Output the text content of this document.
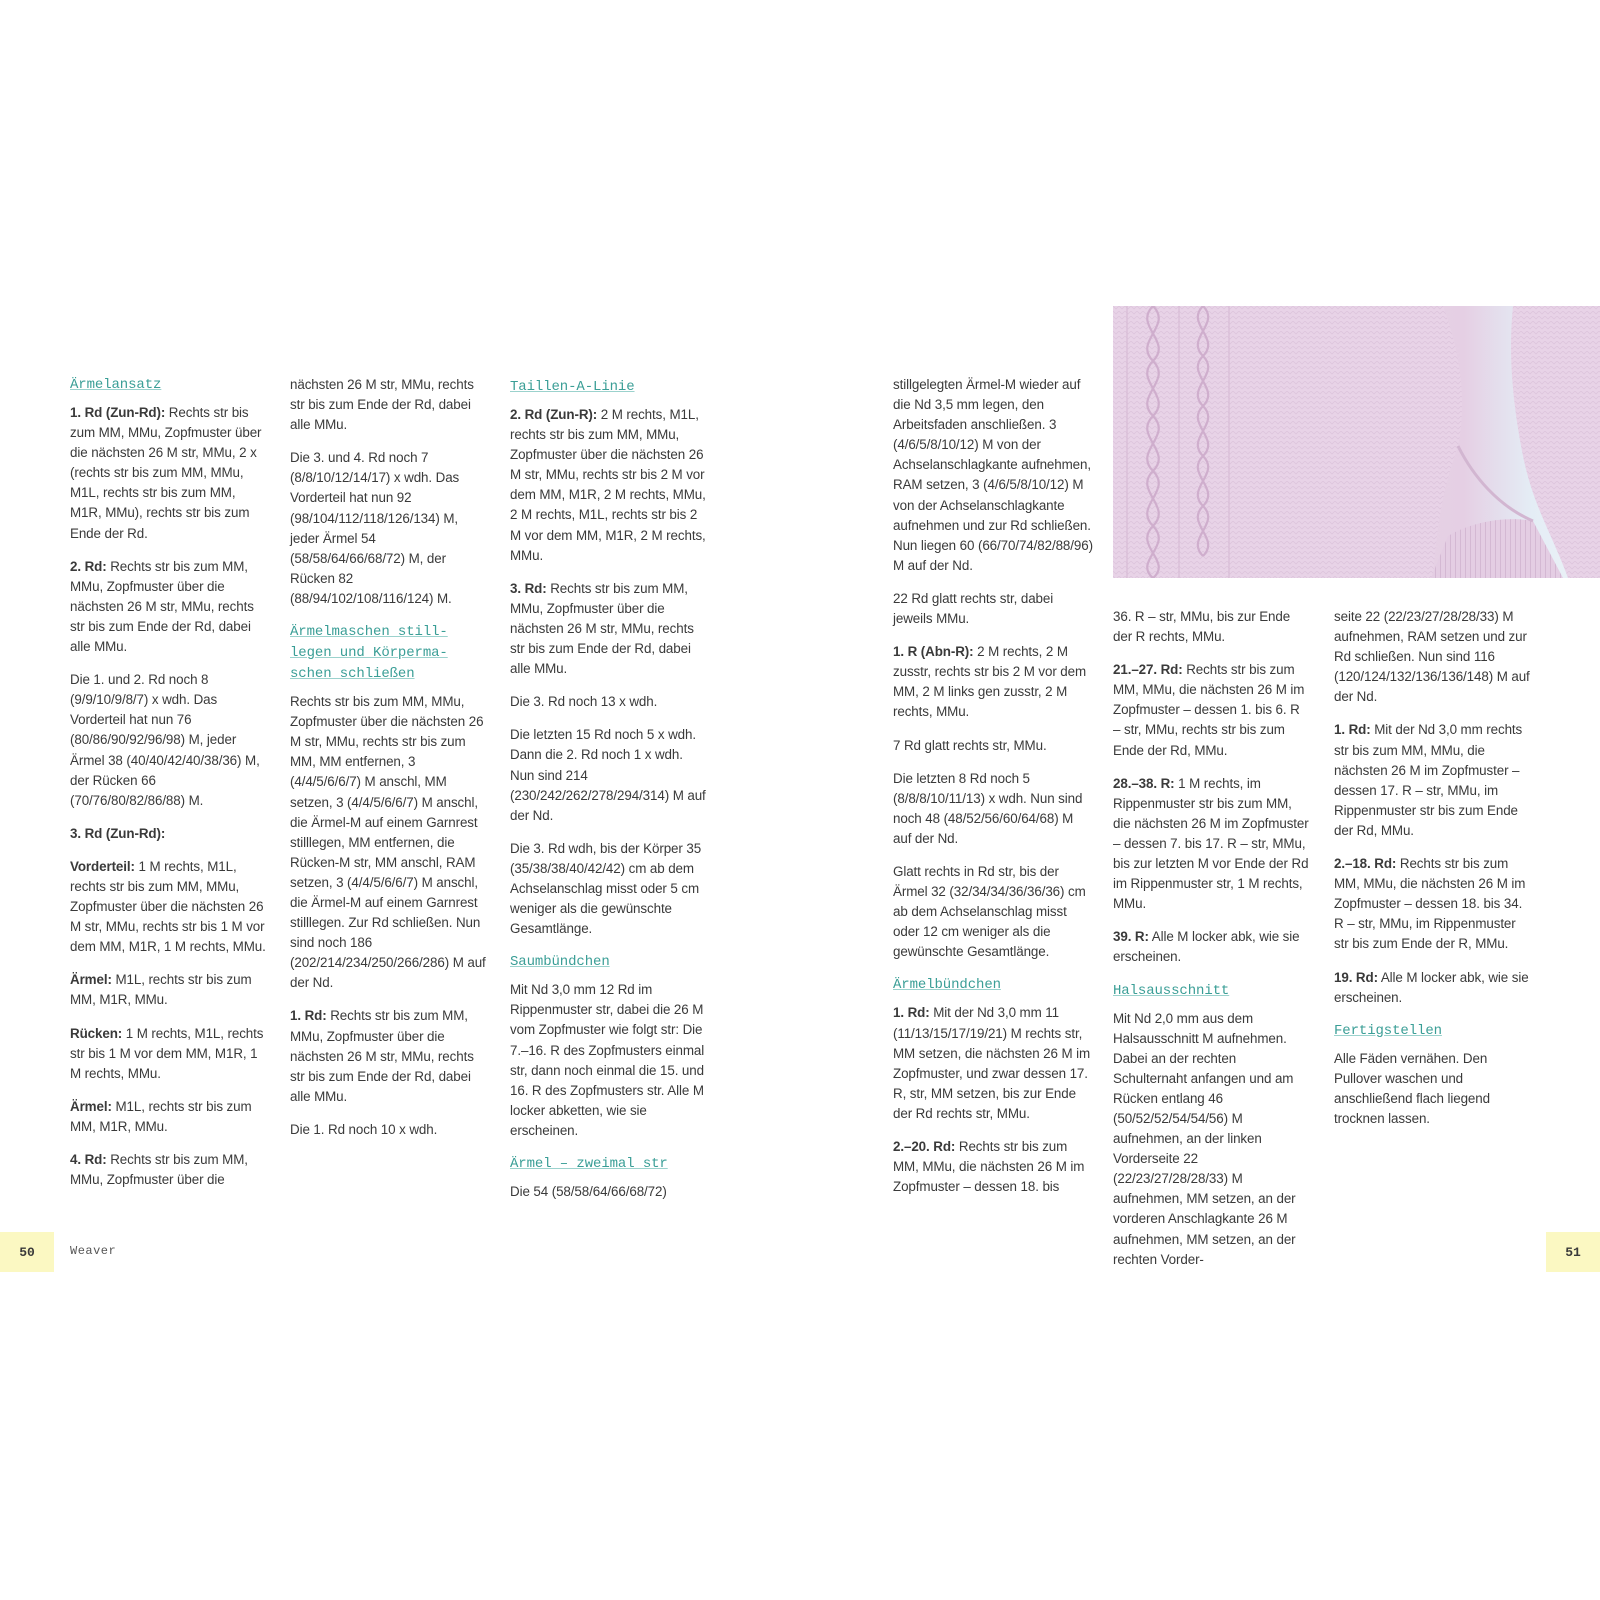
Ärmelansatz

1. Rd (Zun-Rd): Rechts str bis zum MM, MMu, Zopfmuster über die nächsten 26 M str, MMu, 2 x (rechts str bis zum MM, MMu, M1L, rechts str bis zum MM, M1R, MMu), rechts str bis zum Ende der Rd.

2. Rd: Rechts str bis zum MM, MMu, Zopfmuster über die nächsten 26 M str, MMu, rechts str bis zum Ende der Rd, dabei alle MMu.

Die 1. und 2. Rd noch 8 (9/9/10/9/8/7) x wdh. Das Vorderteil hat nun 76 (80/86/90/92/96/98) M, jeder Ärmel 38 (40/40/42/40/38/36) M, der Rücken 66 (70/76/80/82/86/88) M.

3. Rd (Zun-Rd):

Vorderteil: 1 M rechts, M1L, rechts str bis zum MM, MMu, Zopfmuster über die nächsten 26 M str, MMu, rechts str bis 1 M vor dem MM, M1R, 1 M rechts, MMu.

Ärmel: M1L, rechts str bis zum MM, M1R, MMu.

Rücken: 1 M rechts, M1L, rechts str bis 1 M vor dem MM, M1R, 1 M rechts, MMu.

Ärmel: M1L, rechts str bis zum MM, M1R, MMu.

4. Rd: Rechts str bis zum MM, MMu, Zopfmuster über die

nächsten 26 M str, MMu, rechts str bis zum Ende der Rd, dabei alle MMu.

Die 3. und 4. Rd noch 7 (8/8/10/12/14/17) x wdh. Das Vorderteil hat nun 92 (98/104/112/118/126/134) M, jeder Ärmel 54 (58/58/64/66/68/72) M, der Rücken 82 (88/94/102/108/116/124) M.

Ärmelmaschen still-
legen und Körperma-
schen schließen

Rechts str bis zum MM, MMu, Zopfmuster über die nächsten 26 M str, MMu, rechts str bis zum MM, MM entfernen, 3 (4/4/5/6/6/7) M anschl, MM setzen, 3 (4/4/5/6/6/7) M anschl, die Ärmel-M auf einem Garnrest stilllegen, MM entfernen, die Rücken-M str, MM anschl, RAM setzen, 3 (4/4/5/6/6/7) M anschl, die Ärmel-M auf einem Garnrest stilllegen. Zur Rd schließen. Nun sind noch 186 (202/214/234/250/266/286) M auf der Nd.

1. Rd: Rechts str bis zum MM, MMu, Zopfmuster über die nächsten 26 M str, MMu, rechts str bis zum Ende der Rd, dabei alle MMu.

Die 1. Rd noch 10 x wdh.

Taillen-A-Linie

2. Rd (Zun-R): 2 M rechts, M1L, rechts str bis zum MM, MMu, Zopfmuster über die nächsten 26 M str, MMu, rechts str bis 2 M vor dem MM, M1R, 2 M rechts, MMu, 2 M rechts, M1L, rechts str bis 2 M vor dem MM, M1R, 2 M rechts, MMu.

3. Rd: Rechts str bis zum MM, MMu, Zopfmuster über die nächsten 26 M str, MMu, rechts str bis zum Ende der Rd, dabei alle MMu.

Die 3. Rd noch 13 x wdh.

Die letzten 15 Rd noch 5 x wdh. Dann die 2. Rd noch 1 x wdh. Nun sind 214 (230/242/262/278/294/314) M auf der Nd.

Die 3. Rd wdh, bis der Körper 35 (35/38/38/40/42/42) cm ab dem Achselanschlag misst oder 5 cm weniger als die gewünschte Gesamtlänge.

Saumbündchen

Mit Nd 3,0 mm 12 Rd im Rippenmuster str, dabei die 26 M vom Zopfmuster wie folgt str: Die 7.–16. R des Zopfmusters einmal str, dann noch einmal die 15. und 16. R des Zopfmusters str. Alle M locker abketten, wie sie erscheinen.

Ärmel – zweimal str

Die 54 (58/58/64/66/68/72)

stillgelegten Ärmel-M wieder auf die Nd 3,5 mm legen, den Arbeitsfaden anschließen. 3 (4/6/5/8/10/12) M von der Achselanschlagkante aufnehmen, RAM setzen, 3 (4/6/5/8/10/12) M von der Achselanschlagkante aufnehmen und zur Rd schließen. Nun liegen 60 (66/70/74/82/88/96) M auf der Nd.

22 Rd glatt rechts str, dabei jeweils MMu.

1. R (Abn-R): 2 M rechts, 2 M zusstr, rechts str bis 2 M vor dem MM, 2 M links gen zusstr, 2 M rechts, MMu.

7 Rd glatt rechts str, MMu.

Die letzten 8 Rd noch 5 (8/8/8/10/11/13) x wdh. Nun sind noch 48 (48/52/56/60/64/68) M auf der Nd.

Glatt rechts in Rd str, bis der Ärmel 32 (32/34/34/36/36/36) cm ab dem Achselanschlag misst oder 12 cm weniger als die gewünschte Gesamtlänge.

Ärmelbündchen

1. Rd: Mit der Nd 3,0 mm 11 (11/13/15/17/19/21) M rechts str, MM setzen, die nächsten 26 M im Zopfmuster, und zwar dessen 17. R, str, MM setzen, bis zur Ende der Rd rechts str, MMu.

2.–20. Rd: Rechts str bis zum MM, MMu, die nächsten 26 M im Zopfmuster – dessen 18. bis

36. R – str, MMu, bis zur Ende der R rechts, MMu.

21.–27. Rd: Rechts str bis zum MM, MMu, die nächsten 26 M im Zopfmuster – dessen 1. bis 6. R – str, MMu, rechts str bis zum Ende der Rd, MMu.

28.–38. R: 1 M rechts, im Rippenmuster str bis zum MM, die nächsten 26 M im Zopfmuster – dessen 7. bis 17. R – str, MMu, bis zur letzten M vor Ende der Rd im Rippenmuster str, 1 M rechts, MMu.

39. R: Alle M locker abk, wie sie erscheinen.

Halsausschnitt

Mit Nd 2,0 mm aus dem Halsausschnitt M aufnehmen. Dabei an der rechten Schulternaht anfangen und am Rücken entlang 46 (50/52/52/54/54/56) M aufnehmen, an der linken Vorderseite 22 (22/23/27/28/28/33) M aufnehmen, MM setzen, an der vorderen Anschlagkante 26 M aufnehmen, MM setzen, an der rechten Vorder-

seite 22 (22/23/27/28/28/33) M aufnehmen, RAM setzen und zur Rd schließen. Nun sind 116 (120/124/132/136/136/148) M auf der Nd.

1. Rd: Mit der Nd 3,0 mm rechts str bis zum MM, MMu, die nächsten 26 M im Zopfmuster – dessen 17. R – str, MMu, im Rippenmuster str bis zum Ende der Rd, MMu.

2.–18. Rd: Rechts str bis zum MM, MMu, die nächsten 26 M im Zopfmuster – dessen 18. bis 34. R – str, MMu, im Rippenmuster str bis zum Ende der R, MMu.

19. Rd: Alle M locker abk, wie sie erscheinen.

Fertigstellen

Alle Fäden vernähen. Den Pullover waschen und anschließend flach liegend trocknen lassen.

50	Weaver	51
